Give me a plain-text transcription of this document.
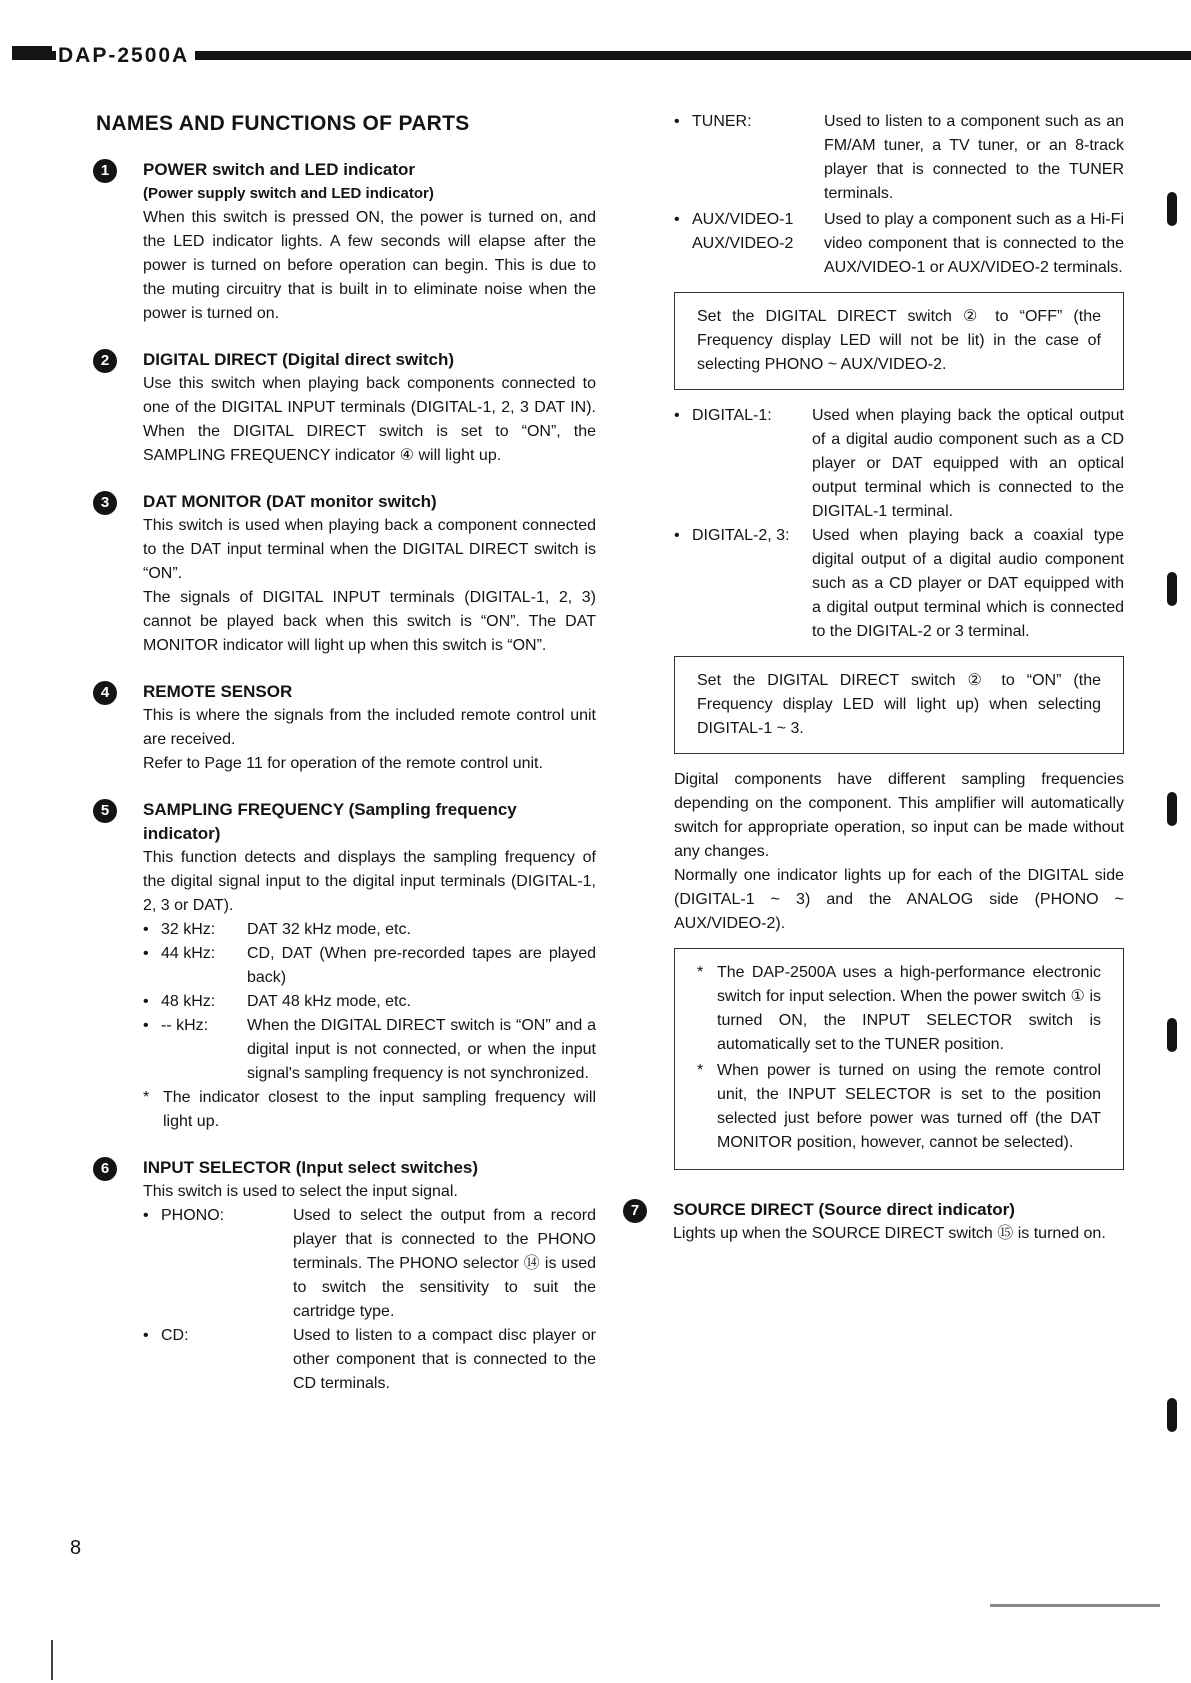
DAP-2500A
NAMES AND FUNCTIONS OF PARTS
1	POWER switch and LED indicator
(Power supply switch and LED indicator)
When this switch is pressed ON, the power is turned on, and the LED indicator lights. A few seconds will elapse after the power is turned on before operation can begin. This is due to the muting circuitry that is built in to eliminate noise when the power is turned on.
2	DIGITAL DIRECT (Digital direct switch)
Use this switch when playing back components connected to one of the DIGITAL INPUT terminals (DIGITAL-1, 2, 3 DAT IN). When the DIGITAL DIRECT switch is set to “ON”, the SAMPLING FREQUENCY indicator ④ will light up.
3	DAT MONITOR (DAT monitor switch)
This switch is used when playing back a component connected to the DAT input terminal when the DIGITAL DIRECT switch is “ON”.
The signals of DIGITAL INPUT terminals (DIGITAL-1, 2, 3) cannot be played back when this switch is “ON”. The DAT MONITOR indicator will light up when this switch is “ON”.
4	REMOTE SENSOR
This is where the signals from the included remote control unit are received.
Refer to Page 11 for operation of the remote control unit.
5	SAMPLING FREQUENCY (Sampling frequency indicator)
This function detects and displays the sampling frequency of the digital signal input to the digital input terminals (DIGITAL-1, 2, 3 or DAT).
• 32 kHz:	DAT 32 kHz mode, etc.
• 44 kHz:	CD, DAT (When pre-recorded tapes are played back)
• 48 kHz:	DAT 48 kHz mode, etc.
• -- kHz:	When the DIGITAL DIRECT switch is “ON” and a digital input is not connected, or when the input signal's sampling frequency is not synchronized.
* The indicator closest to the input sampling frequency will light up.
6	INPUT SELECTOR (Input select switches)
This switch is used to select the input signal.
• PHONO:	Used to select the output from a record player that is connected to the PHONO terminals. The PHONO selector ⑭ is used to switch the sensitivity to suit the cartridge type.
• CD:	Used to listen to a compact disc player or other component that is connected to the CD terminals.
• TUNER:	Used to listen to a component such as an FM/AM tuner, a TV tuner, or an 8-track player that is connected to the TUNER terminals.
• AUX/VIDEO-1
AUX/VIDEO-2
Used to play a component such as a Hi-Fi video component that is connected to the AUX/VIDEO-1 or AUX/VIDEO-2 terminals.
Set the DIGITAL DIRECT switch ② to “OFF” (the Frequency display LED will not be lit) in the case of selecting PHONO ~ AUX/VIDEO-2.
• DIGITAL-1:	Used when playing back the optical output of a digital audio component such as a CD player or DAT equipped with an optical output terminal which is connected to the DIGITAL-1 terminal.
• DIGITAL-2, 3:	Used when playing back a coaxial type digital output of a digital audio component such as a CD player or DAT equipped with a digital output terminal which is connected to the DIGITAL-2 or 3 terminal.
Set the DIGITAL DIRECT switch ② to “ON” (the Frequency display LED will light up) when selecting DIGITAL-1 ~ 3.
Digital components have different sampling frequencies depending on the component. This amplifier will automatically switch for appropriate operation, so input can be made without any changes.
Normally one indicator lights up for each of the DIGITAL side (DIGITAL-1 ~ 3) and the ANALOG side (PHONO ~ AUX/VIDEO-2).
* The DAP-2500A uses a high-performance electronic switch for input selection. When the power switch ① is turned ON, the INPUT SELECTOR switch is automatically set to the TUNER position.
* When power is turned on using the remote control unit, the INPUT SELECTOR is set to the position selected just before power was turned off (the DAT MONITOR position, however, cannot be selected).
7	SOURCE DIRECT (Source direct indicator)
Lights up when the SOURCE DIRECT switch ⑮ is turned on.
8
